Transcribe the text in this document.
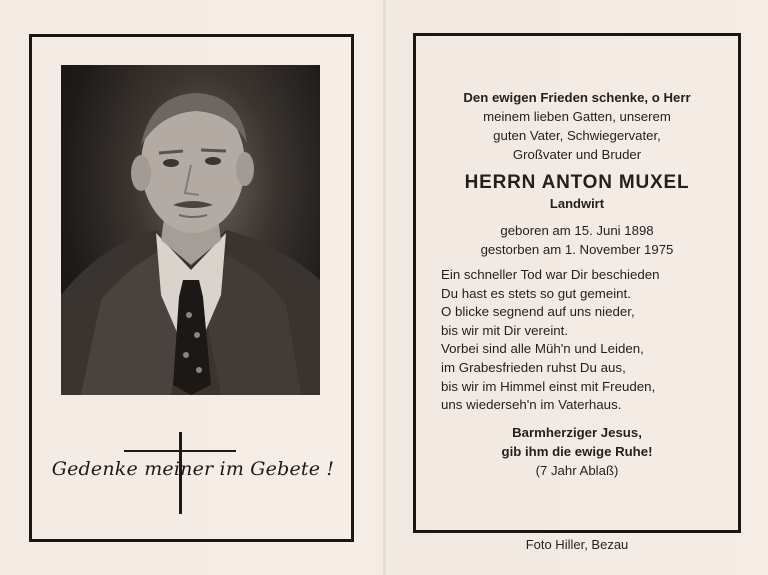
Gedenke meiner im Gebete !
Den ewigen Frieden schenke, o Herr
meinem lieben Gatten, unserem
guten Vater, Schwiegervater,
Großvater und Bruder
HERRN ANTON MUXEL
Landwirt
geboren am 15. Juni 1898
gestorben am 1. November 1975
Ein schneller Tod war Dir beschieden
Du hast es stets so gut gemeint.
O blicke segnend auf uns nieder,
bis wir mit Dir vereint.
Vorbei sind alle Müh'n und Leiden,
im Grabesfrieden ruhst Du aus,
bis wir im Himmel einst mit Freuden,
uns wiederseh'n im Vaterhaus.
Barmherziger Jesus,
gib ihm die ewige Ruhe!
(7 Jahr Ablaß)
Foto Hiller, Bezau
